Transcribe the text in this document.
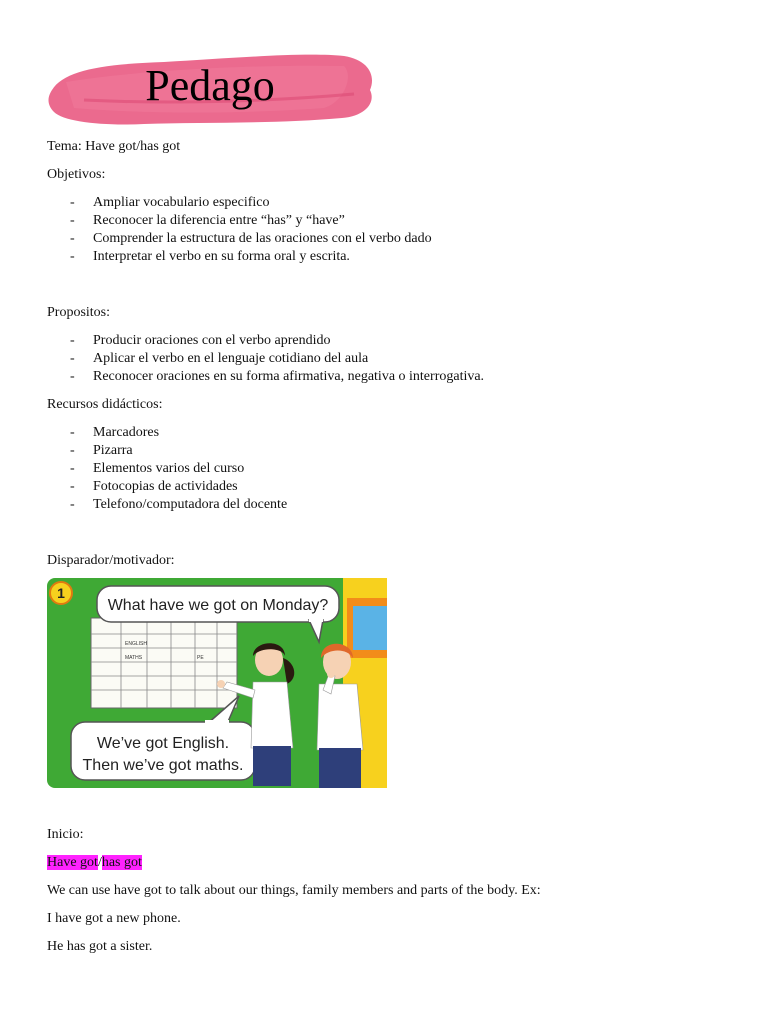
Pedago

Tema: Have got/has got

Objetivos:

- Ampliar vocabulario especifico
- Reconocer la diferencia entre “has” y “have”
- Comprender la estructura de las oraciones con el verbo dado
- Interpretar el verbo en su forma oral y escrita.

Propositos:

- Producir oraciones con el verbo aprendido
- Aplicar el verbo en el lenguaje cotidiano del aula
- Reconocer oraciones en su forma afirmativa, negativa o interrogativa.

Recursos didácticos:

- Marcadores
- Pizarra
- Elementos varios del curso
- Fotocopias de actividades
- Telefono/computadora del docente

Disparador/motivador:

1
ENGLISH
MATHS	PE
What have we got on Monday?
We’ve got English.
Then we’ve got maths.

Inicio:

Have got/has got

We can use have got to talk about our things, family members and parts of the body. Ex:

I have got a new phone.

He has got a sister.
